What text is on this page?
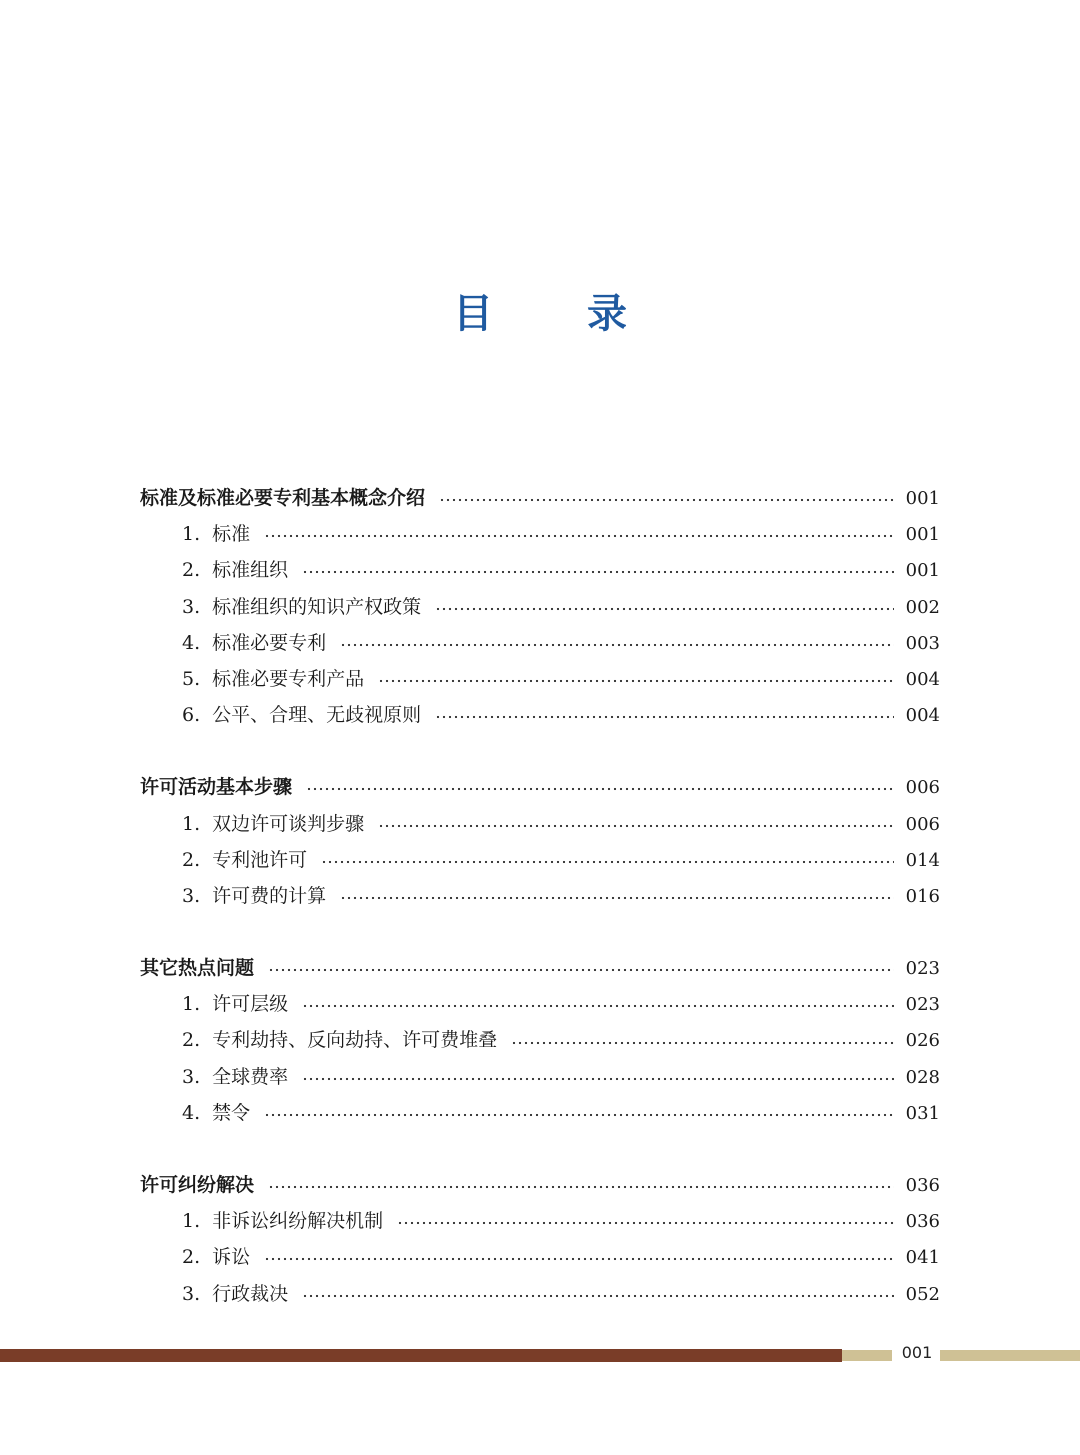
目 录
标准及标准必要专利基本概念介绍	001
1. 标准	001
2. 标准组织	001
3. 标准组织的知识产权政策	002
4. 标准必要专利	003
5. 标准必要专利产品	004
6. 公平、合理、无歧视原则	004
许可活动基本步骤	006
1. 双边许可谈判步骤	006
2. 专利池许可	014
3. 许可费的计算	016
其它热点问题	023
1. 许可层级	023
2. 专利劫持、反向劫持、许可费堆叠	026
3. 全球费率	028
4. 禁令	031
许可纠纷解决	036
1. 非诉讼纠纷解决机制	036
2. 诉讼	041
3. 行政裁决	052
001
